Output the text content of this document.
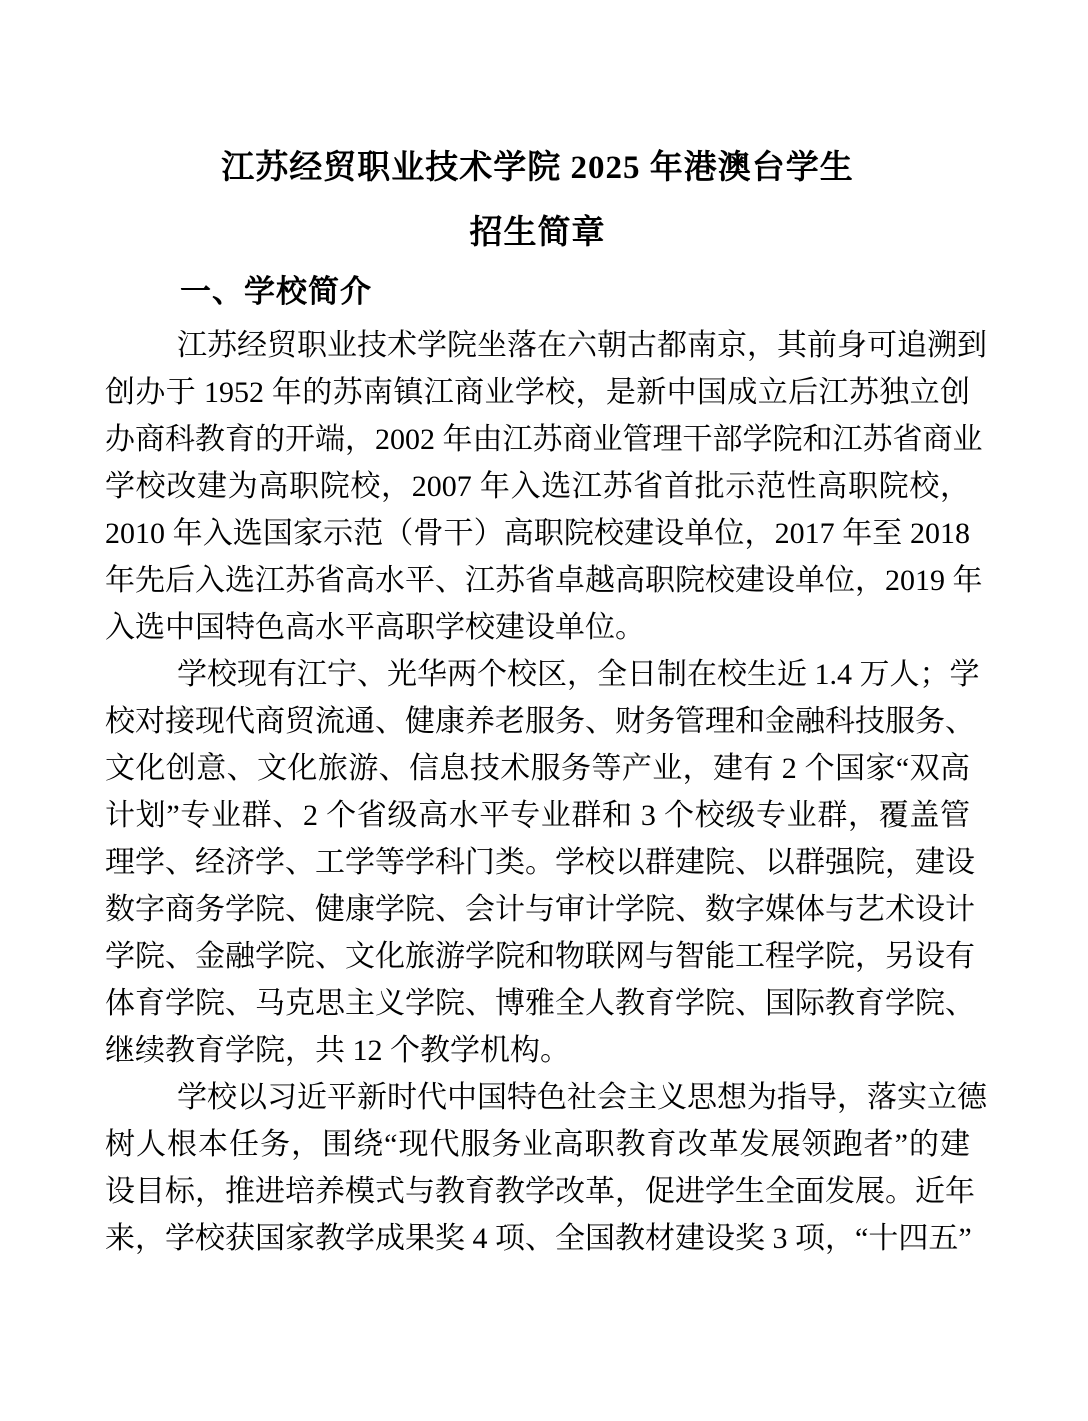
江苏经贸职业技术学院 2025 年港澳台学生
招生简章
一、学校简介
江苏经贸职业技术学院坐落在六朝古都南京，其前身可追溯到
创办于 1952 年的苏南镇江商业学校，是新中国成立后江苏独立创
办商科教育的开端，2002 年由江苏商业管理干部学院和江苏省商业
学校改建为高职院校，2007 年入选江苏省首批示范性高职院校，
2010 年入选国家示范（骨干）高职院校建设单位，2017 年至 2018
年先后入选江苏省高水平、江苏省卓越高职院校建设单位，2019 年
入选中国特色高水平高职学校建设单位。
学校现有江宁、光华两个校区，全日制在校生近 1.4 万人；学
校对接现代商贸流通、健康养老服务、财务管理和金融科技服务、
文化创意、文化旅游、信息技术服务等产业，建有 2 个国家“双高
计划”专业群、2 个省级高水平专业群和 3 个校级专业群，覆盖管
理学、经济学、工学等学科门类。学校以群建院、以群强院，建设
数字商务学院、健康学院、会计与审计学院、数字媒体与艺术设计
学院、金融学院、文化旅游学院和物联网与智能工程学院，另设有
体育学院、马克思主义学院、博雅全人教育学院、国际教育学院、
继续教育学院，共 12 个教学机构。
学校以习近平新时代中国特色社会主义思想为指导，落实立德
树人根本任务，围绕“现代服务业高职教育改革发展领跑者”的建
设目标，推进培养模式与教育教学改革，促进学生全面发展。近年
来，学校获国家教学成果奖 4 项、全国教材建设奖 3 项，“十四五”
